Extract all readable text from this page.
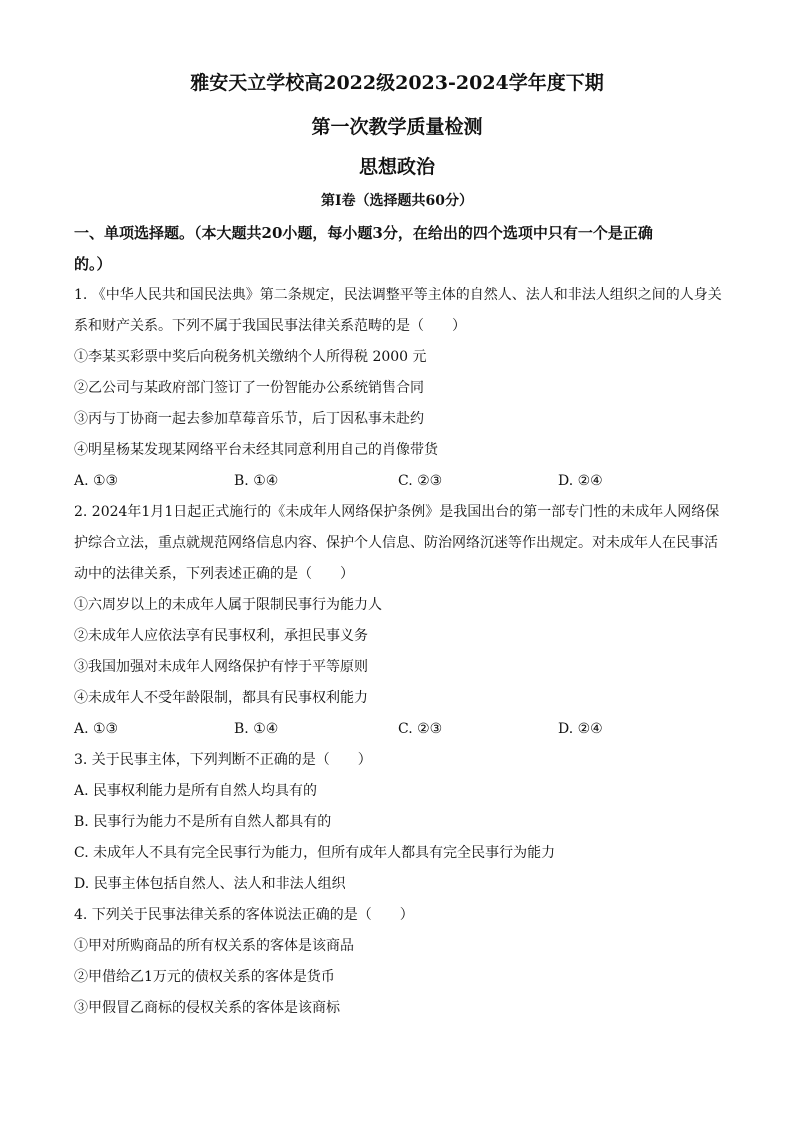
雅安天立学校高2022级2023-2024学年度下期
第一次教学质量检测
思想政治
第Ⅰ卷（选择题共60分）

一、单项选择题。（本大题共20小题，每小题3分，在给出的四个选项中只有一个是正确

的。）

1. 《中华人民共和国民法典》第二条规定，民法调整平等主体的自然人、法人和非法人组织之间的人身关

系和财产关系。下列不属于我国民事法律关系范畴的是（　　）

①李某买彩票中奖后向税务机关缴纳个人所得税 2000 元

②乙公司与某政府部门签订了一份智能办公系统销售合同

③丙与丁协商一起去参加草莓音乐节，后丁因私事未赴约

④明星杨某发现某网络平台未经其同意利用自己的肖像带货

A. ①③	B. ①④	C. ②③	D. ②④

2. 2024年1月1日起正式施行的《未成年人网络保护条例》是我国出台的第一部专门性的未成年人网络保

护综合立法，重点就规范网络信息内容、保护个人信息、防治网络沉迷等作出规定。对未成年人在民事活

动中的法律关系，下列表述正确的是（　　）

①六周岁以上的未成年人属于限制民事行为能力人

②未成年人应依法享有民事权利，承担民事义务

③我国加强对未成年人网络保护有悖于平等原则

④未成年人不受年龄限制，都具有民事权利能力

A. ①③	B. ①④	C. ②③	D. ②④

3. 关于民事主体，下列判断不正确的是（　　）

A. 民事权利能力是所有自然人均具有的

B. 民事行为能力不是所有自然人都具有的

C. 未成年人不具有完全民事行为能力，但所有成年人都具有完全民事行为能力

D. 民事主体包括自然人、法人和非法人组织

4. 下列关于民事法律关系的客体说法正确的是（　　）

①甲对所购商品的所有权关系的客体是该商品

②甲借给乙1万元的债权关系的客体是货币

③甲假冒乙商标的侵权关系的客体是该商标
